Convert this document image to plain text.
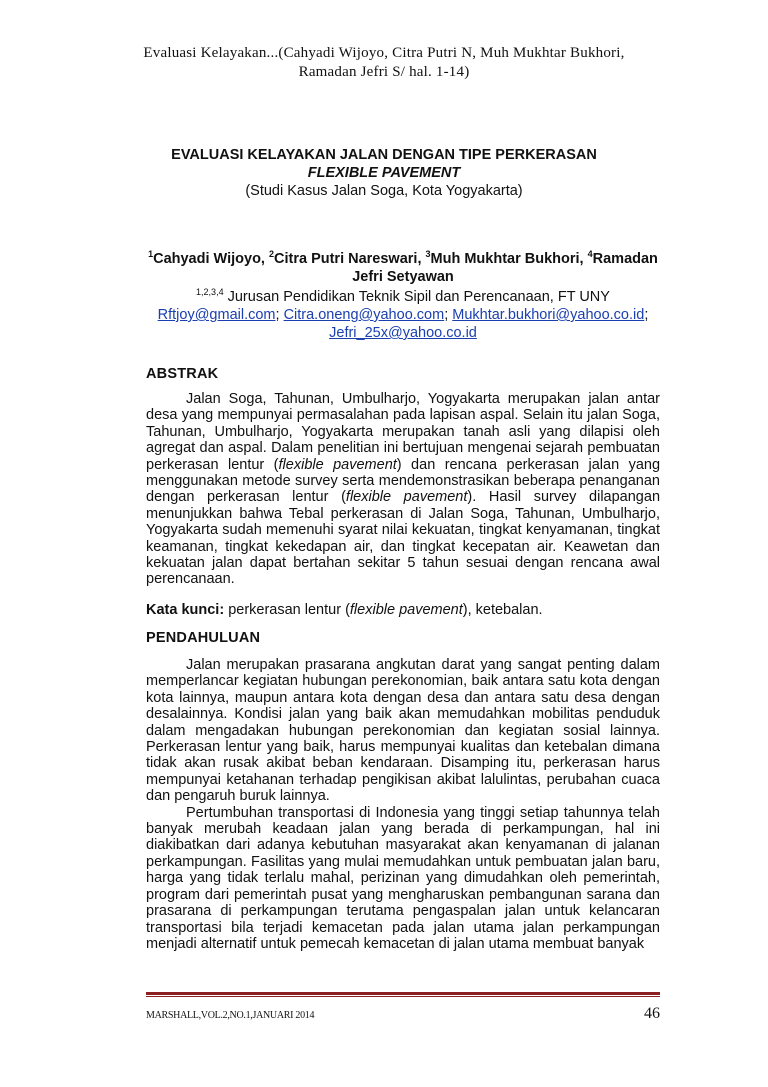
Evaluasi Kelayakan...(Cahyadi Wijoyo, Citra Putri N, Muh Mukhtar Bukhori,
Ramadan Jefri S/ hal. 1-14)
EVALUASI KELAYAKAN JALAN DENGAN TIPE PERKERASAN
FLEXIBLE PAVEMENT
(Studi Kasus Jalan Soga, Kota Yogyakarta)
$^1$Cahyadi Wijoyo, $^2$Citra Putri Nareswari, $^3$Muh Mukhtar Bukhori, $^4$Ramadan Jefri Setyawan
$^{1,2,3,4}$ Jurusan Pendidikan Teknik Sipil dan Perencanaan, FT UNY
Rftjoy@gmail.com; Citra.oneng@yahoo.com; Mukhtar.bukhori@yahoo.co.id;
Jefri_25x@yahoo.co.id
ABSTRAK

Jalan Soga, Tahunan, Umbulharjo, Yogyakarta merupakan jalan antar desa yang mempunyai permasalahan pada lapisan aspal. Selain itu jalan Soga, Tahunan, Umbulharjo, Yogyakarta merupakan tanah asli yang dilapisi oleh agregat dan aspal. Dalam penelitian ini bertujuan mengenai sejarah pembuatan perkerasan lentur (flexible pavement) dan rencana perkerasan jalan yang menggunakan metode survey serta mendemonstrasikan beberapa penanganan dengan perkerasan lentur (flexible pavement). Hasil survey dilapangan menunjukkan bahwa Tebal perkerasan di Jalan Soga, Tahunan, Umbulharjo, Yogyakarta sudah memenuhi syarat nilai kekuatan, tingkat kenyamanan, tingkat keamanan, tingkat kekedapan air, dan tingkat kecepatan air. Keawetan dan kekuatan jalan dapat bertahan sekitar 5 tahun sesuai dengan rencana awal perencanaan.

Kata kunci: perkerasan lentur (flexible pavement), ketebalan.
PENDAHULUAN

Jalan merupakan prasarana angkutan darat yang sangat penting dalam memperlancar kegiatan hubungan perekonomian, baik antara satu kota dengan kota lainnya, maupun antara kota dengan desa dan antara satu desa dengan desalainnya. Kondisi jalan yang baik akan memudahkan mobilitas penduduk dalam mengadakan hubungan perekonomian dan kegiatan sosial lainnya. Perkerasan lentur yang baik, harus mempunyai kualitas dan ketebalan dimana tidak akan rusak akibat beban kendaraan. Disamping itu, perkerasan harus mempunyai ketahanan terhadap pengikisan akibat lalulintas, perubahan cuaca dan pengaruh buruk lainnya.

Pertumbuhan transportasi di Indonesia yang tinggi setiap tahunnya telah banyak merubah keadaan jalan yang berada di perkampungan, hal ini diakibatkan dari adanya kebutuhan masyarakat akan kenyamanan di jalanan perkampungan. Fasilitas yang mulai memudahkan untuk pembuatan jalan baru, harga yang tidak terlalu mahal, perizinan yang dimudahkan oleh pemerintah, program dari pemerintah pusat yang mengharuskan pembangunan sarana dan prasarana di perkampungan terutama pengaspalan jalan untuk kelancaran transportasi bila terjadi kemacetan pada jalan utama jalan perkampungan menjadi alternatif untuk pemecah kemacetan di jalan utama membuat banyak

MARSHALL,VOL.2,NO.1,JANUARI 2014	46
